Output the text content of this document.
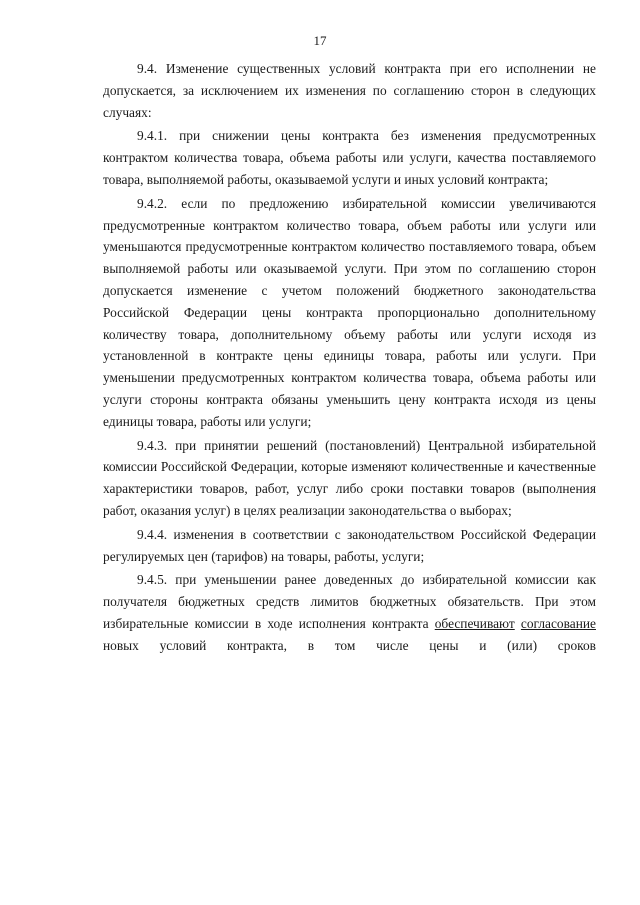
17

9.4. Изменение существенных условий контракта при его исполнении не допускается, за исключением их изменения по соглашению сторон в следующих случаях:

9.4.1. при снижении цены контракта без изменения предусмотренных контрактом количества товара, объема работы или услуги, качества поставляемого товара, выполняемой работы, оказываемой услуги и иных условий контракта;

9.4.2. если по предложению избирательной комиссии увеличиваются предусмотренные контрактом количество товара, объем работы или услуги или уменьшаются предусмотренные контрактом количество поставляемого товара, объем выполняемой работы или оказываемой услуги. При этом по соглашению сторон допускается изменение с учетом положений бюджетного законодательства Российской Федерации цены контракта пропорционально дополнительному количеству товара, дополнительному объему работы или услуги исходя из установленной в контракте цены единицы товара, работы или услуги. При уменьшении предусмотренных контрактом количества товара, объема работы или услуги стороны контракта обязаны уменьшить цену контракта исходя из цены единицы товара, работы или услуги;

9.4.3. при принятии решений (постановлений) Центральной избирательной комиссии Российской Федерации, которые изменяют количественные и качественные характеристики товаров, работ, услуг либо сроки поставки товаров (выполнения работ, оказания услуг) в целях реализации законодательства о выборах;

9.4.4. изменения в соответствии с законодательством Российской Федерации регулируемых цен (тарифов) на товары, работы, услуги;

9.4.5. при уменьшении ранее доведенных до избирательной комиссии как получателя бюджетных средств лимитов бюджетных обязательств. При этом избирательные комиссии в ходе исполнения контракта обеспечивают согласование новых условий контракта, в том числе цены и (или) сроков
